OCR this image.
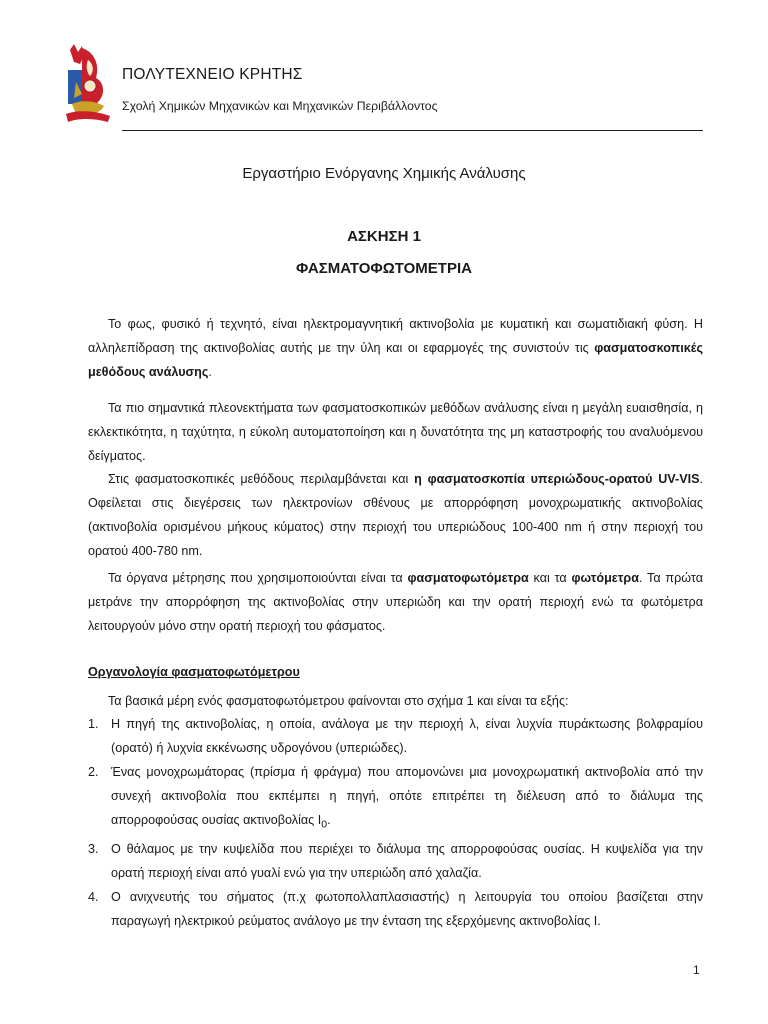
ΠΟΛΥΤΕΧΝΕΙΟ ΚΡΗΤΗΣ
Σχολή Χημικών Μηχανικών και Μηχανικών Περιβάλλοντος
Εργαστήριο Ενόργανης Χημικής Ανάλυσης
ΑΣΚΗΣΗ 1
ΦΑΣΜΑΤΟΦΩΤΟΜΕΤΡΙΑ

Το φως, φυσικό ή τεχνητό, είναι ηλεκτρομαγνητική ακτινοβολία με κυματική και σωματιδιακή φύση. Η αλληλεπίδραση της ακτινοβολίας αυτής με την ύλη και οι εφαρμογές της συνιστούν τις φασματοσκοπικές μεθόδους ανάλυσης.

Τα πιο σημαντικά πλεονεκτήματα των φασματοσκοπικών μεθόδων ανάλυσης είναι η μεγάλη ευαισθησία, η εκλεκτικότητα, η ταχύτητα, η εύκολη αυτοματοποίηση και η δυνατότητα της μη καταστροφής του αναλυόμενου δείγματος.

Στις φασματοσκοπικές μεθόδους περιλαμβάνεται και η φασματοσκοπία υπεριώδους-ορατού UV-VIS. Οφείλεται στις διεγέρσεις των ηλεκτρονίων σθένους με απορρόφηση μονοχρωματικής ακτινοβολίας (ακτινοβολία ορισμένου μήκους κύματος) στην περιοχή του υπεριώδους 100-400 nm ή στην περιοχή του ορατού 400-780 nm.

Τα όργανα μέτρησης που χρησιμοποιούνται είναι τα φασματοφωτόμετρα και τα φωτόμετρα. Τα πρώτα μετράνε την απορρόφηση της ακτινοβολίας στην υπεριώδη και την ορατή περιοχή ενώ τα φωτόμετρα λειτουργούν μόνο στην ορατή περιοχή του φάσματος.

Οργανολογία φασματοφωτόμετρου
Τα βασικά μέρη ενός φασματοφωτόμετρου φαίνονται στο σχήμα 1 και είναι τα εξής:
1. Η πηγή της ακτινοβολίας, η οποία, ανάλογα με την περιοχή λ, είναι λυχνία πυράκτωσης βολφραμίου (ορατό) ή λυχνία εκκένωσης υδρογόνου (υπεριώδες).
2. Ένας μονοχρωμάτορας (πρίσμα ή φράγμα) που απομονώνει μια μονοχρωματική ακτινοβολία από την συνεχή ακτινοβολία που εκπέμπει η πηγή, οπότε επιτρέπει τη διέλευση από το διάλυμα της απορροφούσας ουσίας ακτινοβολίας $I_0$.
3. Ο θάλαμος με την κυψελίδα που περιέχει το διάλυμα της απορροφούσας ουσίας. Η κυψελίδα για την ορατή περιοχή είναι από γυαλί ενώ για την υπεριώδη από χαλαζία.
4. Ο ανιχνευτής του σήματος (π.χ φωτοπολλαπλασιαστής) η λειτουργία του οποίου βασίζεται στην παραγωγή ηλεκτρικού ρεύματος ανάλογο με την ένταση της εξερχόμενης ακτινοβολίας I.
1
